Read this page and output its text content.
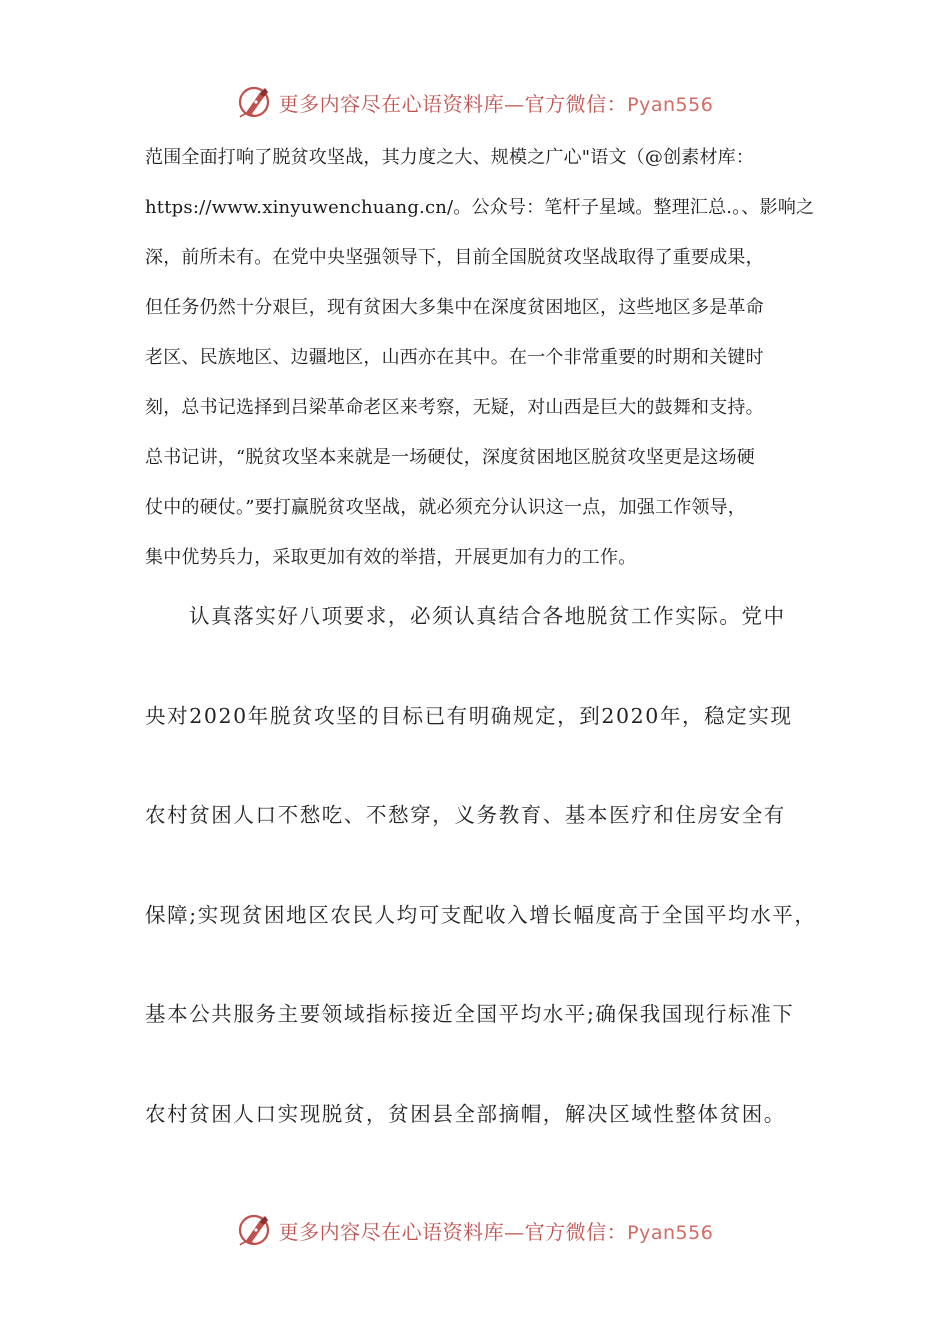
更多内容尽在心语资料库—官方微信：Pyan556
范围全面打响了脱贫攻坚战，其力度之大、规模之广心"语文（@创素材库：
https://www.xinyuwenchuang.cn/。公众号：笔杆子星域。整理汇总.。、影响之
深，前所未有。在党中央坚强领导下，目前全国脱贫攻坚战取得了重要成果，
但任务仍然十分艰巨，现有贫困大多集中在深度贫困地区，这些地区多是革命
老区、民族地区、边疆地区，山西亦在其中。在一个非常重要的时期和关键时
刻，总书记选择到吕梁革命老区来考察，无疑，对山西是巨大的鼓舞和支持。
总书记讲，“脱贫攻坚本来就是一场硬仗，深度贫困地区脱贫攻坚更是这场硬
仗中的硬仗。”要打赢脱贫攻坚战，就必须充分认识这一点，加强工作领导，
集中优势兵力，采取更加有效的举措，开展更加有力的工作。
认真落实好八项要求，必须认真结合各地脱贫工作实际。党中
央对2020年脱贫攻坚的目标已有明确规定，到2020年，稳定实现
农村贫困人口不愁吃、不愁穿，义务教育、基本医疗和住房安全有
保障;实现贫困地区农民人均可支配收入增长幅度高于全国平均水平，
基本公共服务主要领域指标接近全国平均水平;确保我国现行标准下
农村贫困人口实现脱贫，贫困县全部摘帽，解决区域性整体贫困。
更多内容尽在心语资料库—官方微信：Pyan556
